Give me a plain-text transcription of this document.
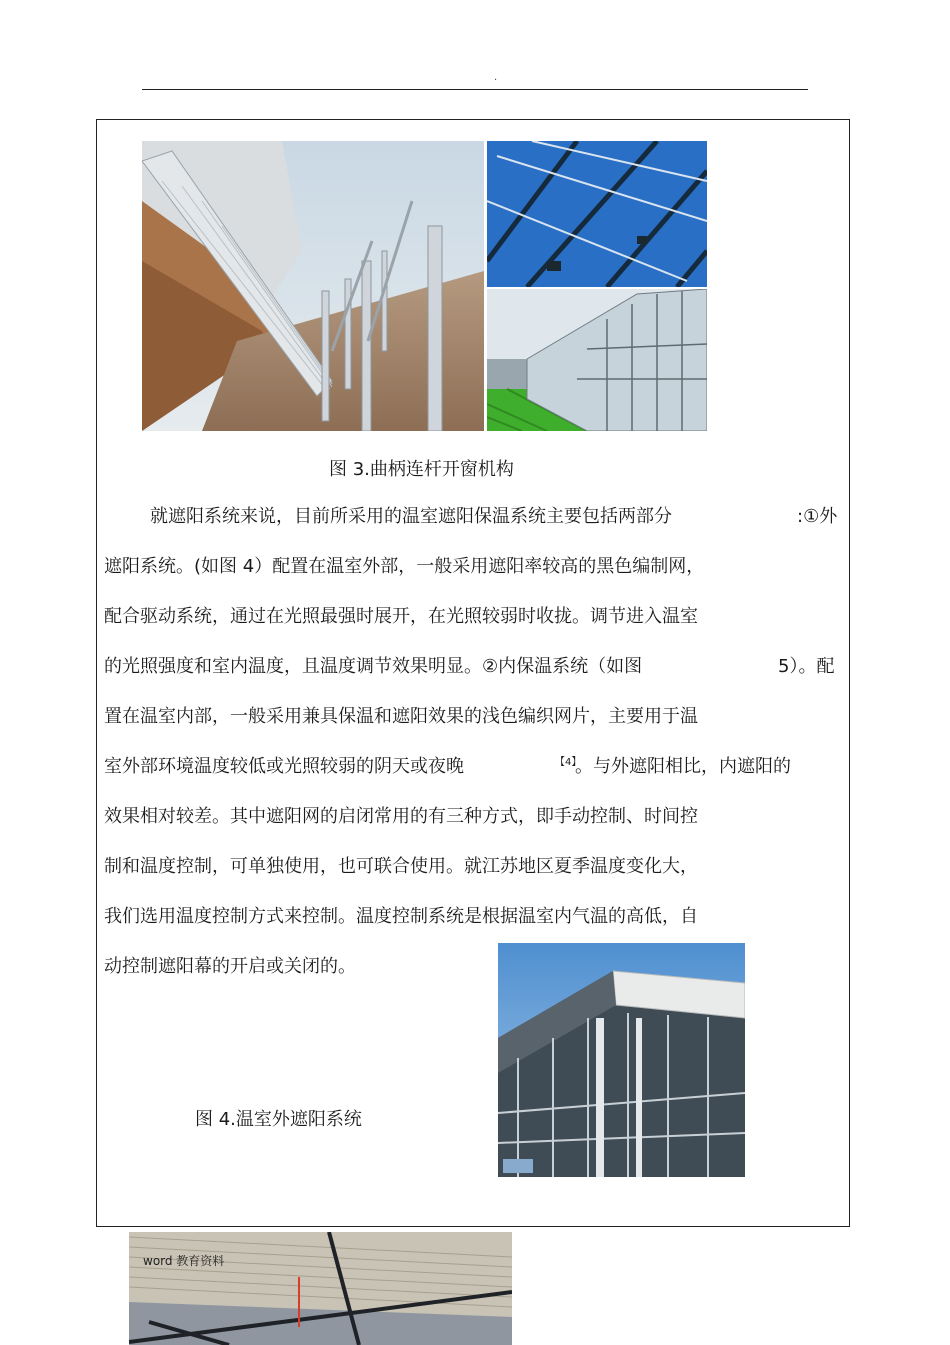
.
图 3.曲柄连杆开窗机构
就遮阳系统来说，目前所采用的温室遮阳保温系统主要包括两部分	:①外
遮阳系统。(如图 4）配置在温室外部，一般采用遮阳率较高的黑色编制网，
配合驱动系统，通过在光照最强时展开，在光照较弱时收拢。调节进入温室
的光照强度和室内温度，且温度调节效果明显。②内保温系统（如图	5）。配
置在温室内部，一般采用兼具保温和遮阳效果的浅色编织网片，主要用于温
室外部环境温度较低或光照较弱的阴天或夜晚	【4】
。与外遮阳相比，内遮阳的
效果相对较差。其中遮阳网的启闭常用的有三种方式，即手动控制、时间控
制和温度控制，可单独使用，也可联合使用。就江苏地区夏季温度变化大，
我们选用温度控制方式来控制。温度控制系统是根据温室内气温的高低，自
动控制遮阳幕的开启或关闭的。
图 4.温室外遮阳系统
word 教育资料
